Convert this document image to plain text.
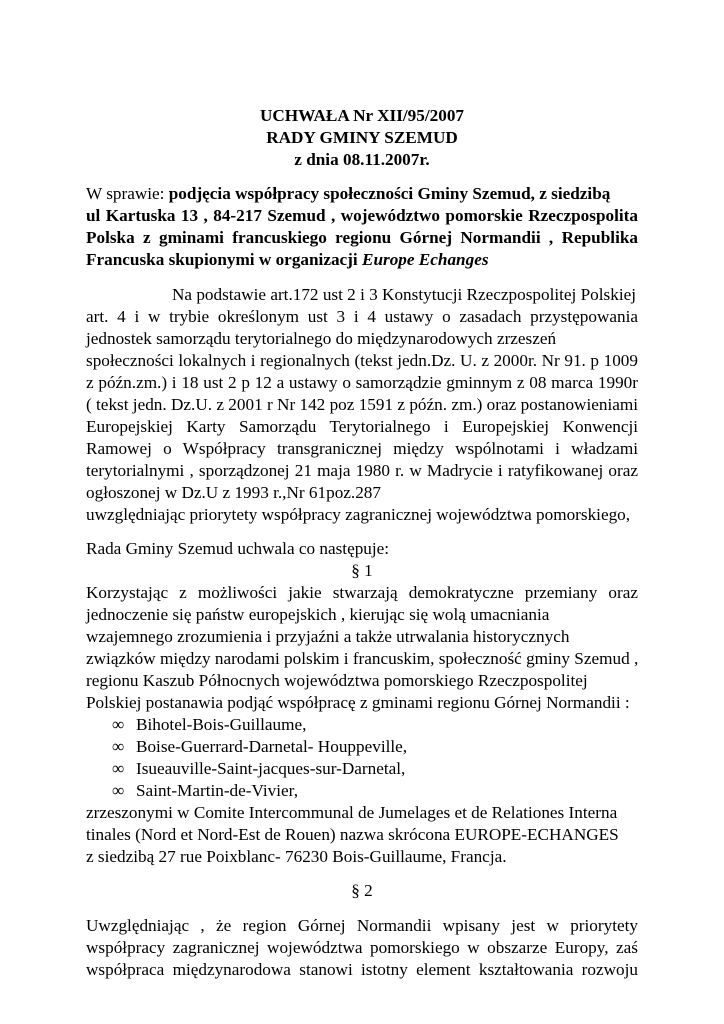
UCHWAŁA Nr XII/95/2007
RADY GMINY SZEMUD
z dnia 08.11.2007r.
W sprawie: podjęcia współpracy społeczności Gminy Szemud, z siedzibą
ul Kartuska 13 , 84-217 Szemud , województwo pomorskie Rzeczpospolita
Polska z gminami francuskiego regionu Górnej Normandii , Republika
Francuska skupionymi w organizacji Europe Echanges
Na podstawie art.172 ust 2 i 3 Konstytucji Rzeczpospolitej Polskiej
art. 4 i w trybie określonym ust 3 i 4 ustawy o zasadach przystępowania
jednostek samorządu terytorialnego do międzynarodowych zrzeszeń
społeczności lokalnych i regionalnych (tekst jedn.Dz. U. z 2000r. Nr 91. p 1009
z późn.zm.) i 18 ust 2 p 12 a ustawy o samorządzie gminnym z 08 marca 1990r
( tekst jedn. Dz.U. z 2001 r Nr 142 poz 1591 z późn. zm.) oraz postanowieniami
Europejskiej Karty Samorządu Terytorialnego i Europejskiej Konwencji
Ramowej o Współpracy transgranicznej między wspólnotami i władzami
terytorialnymi , sporządzonej 21 maja 1980 r. w Madrycie i ratyfikowanej oraz
ogłoszonej w Dz.U z 1993 r.,Nr 61poz.287
uwzględniając priorytety współpracy zagranicznej województwa pomorskiego,
Rada Gminy Szemud uchwala co następuje:
§ 1
Korzystając z możliwości jakie stwarzają demokratyczne przemiany oraz
jednoczenie się państw europejskich , kierując się wolą umacniania
wzajemnego zrozumienia i przyjaźni a także utrwalania historycznych
związków między narodami polskim i francuskim, społeczność gminy Szemud ,
regionu Kaszub Północnych województwa pomorskiego Rzeczpospolitej
Polskiej postanawia podjąć współpracę z gminami regionu Górnej Normandii :
∞ Bihotel-Bois-Guillaume,
∞ Boise-Guerrard-Darnetal- Houppeville,
∞ Isueauville-Saint-jacques-sur-Darnetal,
∞ Saint-Martin-de-Vivier,
zrzeszonymi w Comite Intercommunal de Jumelages et de Relationes Interna
tinales (Nord et Nord-Est de Rouen) nazwa skrócona EUROPE-ECHANGES
z siedzibą 27 rue Poixblanc- 76230 Bois-Guillaume, Francja.
§ 2
Uwzględniając , że region Górnej Normandii wpisany jest w priorytety
współpracy zagranicznej województwa pomorskiego w obszarze Europy, zaś
współpraca międzynarodowa stanowi istotny element kształtowania rozwoju
